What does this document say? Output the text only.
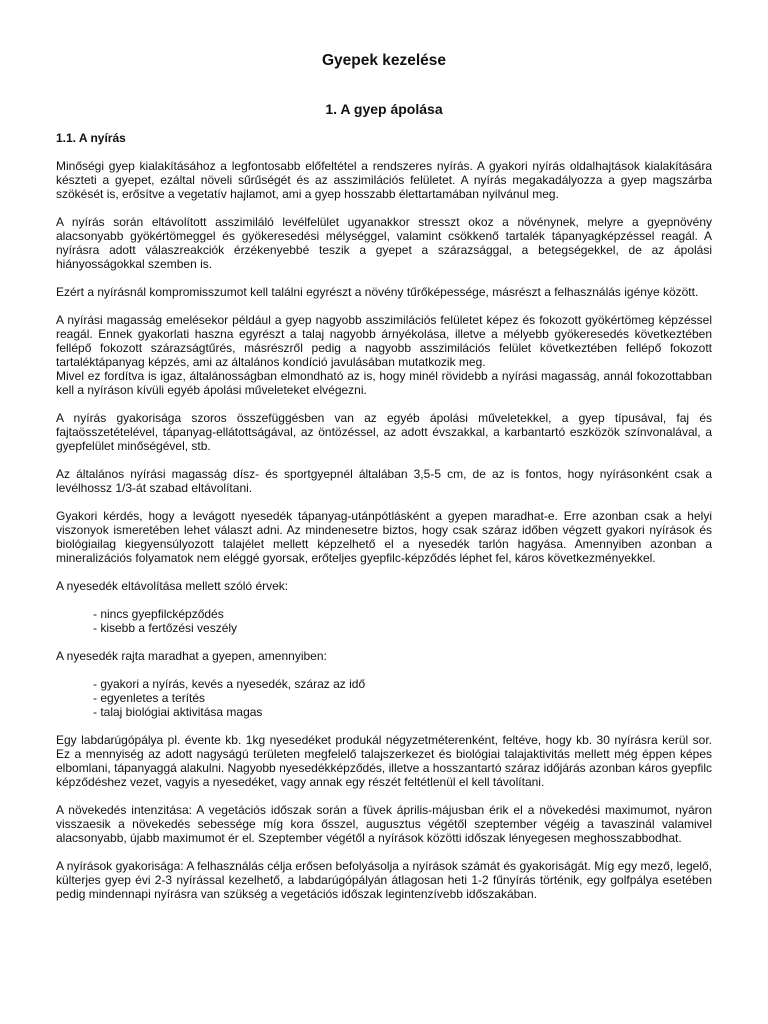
Gyepek kezelése
1. A gyep ápolása
1.1. A nyírás

Minőségi gyep kialakításához a legfontosabb előfeltétel a rendszeres nyírás. A gyakori nyírás oldalhajtások kialakítására készteti a gyepet, ezáltal növeli sűrűségét és az asszimilációs felületet. A nyírás megakadályozza a gyep magszárba szökését is, erősítve a vegetatív hajlamot, ami a gyep hosszabb élettartamában nyilvánul meg.

A nyírás során eltávolított asszimiláló levélfelület ugyanakkor stresszt okoz a növénynek, melyre a gyepnövény alacsonyabb gyökértömeggel és gyökeresedési mélységgel, valamint csökkenő tartalék tápanyagképzéssel reagál. A nyírásra adott válaszreakciók érzékenyebbé teszik a gyepet a szárazsággal, a betegségekkel, de az ápolási hiányosságokkal szemben is.

Ezért a nyírásnál kompromisszumot kell találni egyrészt a növény tűrőképessége, másrészt a felhasználás igénye között.

A nyírási magasság emelésekor például a gyep nagyobb asszimilációs felületet képez és fokozott gyökértömeg képzéssel reagál. Ennek gyakorlati haszna egyrészt a talaj nagyobb árnyékolása, illetve a mélyebb gyökeresedés következtében fellépő fokozott szárazságtűrés, másrészről pedig a nagyobb asszimilációs felület következtében fellépő fokozott tartaléktápanyag képzés, ami az általános kondíció javulásában mutatkozik meg.

Mivel ez fordítva is igaz, általánosságban elmondható az is, hogy minél rövidebb a nyírási magasság, annál fokozottabban kell a nyíráson kívüli egyéb ápolási műveleteket elvégezni.

A nyírás gyakorisága szoros összefüggésben van az egyéb ápolási műveletekkel, a gyep típusával, faj és fajtaösszetételével, tápanyag-ellátottságával, az öntözéssel, az adott évszakkal, a karbantartó eszközök színvonalával, a gyepfelület minőségével, stb.

Az általános nyírási magasság dísz- és sportgyepnél általában 3,5-5 cm, de az is fontos, hogy nyírásonként csak a levélhossz 1/3-át szabad eltávolítani.

Gyakori kérdés, hogy a levágott nyesedék tápanyag-utánpótlásként a gyepen maradhat-e. Erre azonban csak a helyi viszonyok ismeretében lehet választ adni. Az mindenesetre biztos, hogy csak száraz időben végzett gyakori nyírások és biológiailag kiegyensúlyozott talajélet mellett képzelhető el a nyesedék tarlón hagyása. Amennyiben azonban a mineralizációs folyamatok nem eléggé gyorsak, erőteljes gyepfilc-képződés léphet fel, káros következményekkel.

A nyesedék eltávolítása mellett szóló érvek:

- nincs gyepfilcképződés
- kisebb a fertőzési veszély

A nyesedék rajta maradhat a gyepen, amennyiben:

- gyakori a nyírás, kevés a nyesedék, száraz az idő
- egyenletes a terítés
- talaj biológiai aktivitása magas

Egy labdarúgópálya pl. évente kb. 1kg nyesedéket produkál négyzetméterenként, feltéve, hogy kb. 30 nyírásra kerül sor. Ez a mennyiség az adott nagyságú területen megfelelő talajszerkezet és biológiai talajaktivitás mellett még éppen képes elbomlani, tápanyaggá alakulni. Nagyobb nyesedékképződés, illetve a hosszantartó száraz időjárás azonban káros gyepfilc képződéshez vezet, vagyis a nyesedéket, vagy annak egy részét feltétlenül el kell távolítani.

A növekedés intenzitása: A vegetációs időszak során a füvek április-májusban érik el a növekedési maximumot, nyáron visszaesik a növekedés sebessége míg kora ősszel, augusztus végétől szeptember végéig a tavaszinál valamivel alacsonyabb, újabb maximumot ér el. Szeptember végétől a nyírások közötti időszak lényegesen meghosszabbodhat.

A nyírások gyakorisága: A felhasználás célja erősen befolyásolja a nyírások számát és gyakoriságát. Míg egy mező, legelő, külterjes gyep évi 2-3 nyírással kezelhető, a labdarúgópályán átlagosan heti 1-2 fűnyírás történik, egy golfpálya esetében pedig mindennapi nyírásra van szükség a vegetációs időszak legintenzívebb időszakában.
